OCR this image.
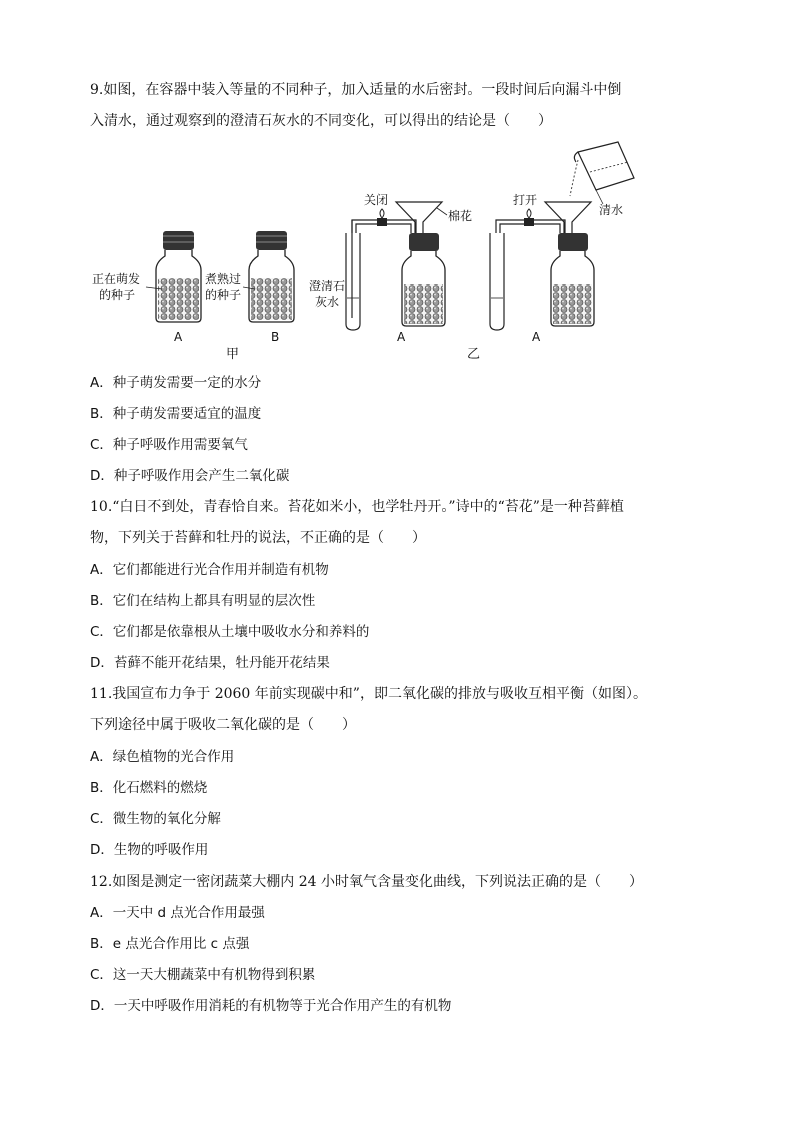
9.如图，在容器中装入等量的不同种子，加入适量的水后密封。一段时间后向漏斗中倒
入清水，通过观察到的澄清石灰水的不同变化，可以得出的结论是（　　）
正在萌发
的种子
煮熟过
的种子
A	B
甲
关闭
棉花
澄清石
灰水
A
打开
清水
A
乙
A．种子萌发需要一定的水分
B．种子萌发需要适宜的温度
C．种子呼吸作用需要氧气
D．种子呼吸作用会产生二氧化碳
10.“白日不到处，青春恰自来。苔花如米小，也学牡丹开。”诗中的“苔花”是一种苔藓植
物，下列关于苔藓和牡丹的说法，不正确的是（　　）
A．它们都能进行光合作用并制造有机物
B．它们在结构上都具有明显的层次性
C．它们都是依靠根从土壤中吸收水分和养料的
D．苔藓不能开花结果，牡丹能开花结果
11.我国宣布力争于 2060 年前实现碳中和”，即二氧化碳的排放与吸收互相平衡（如图）。
下列途径中属于吸收二氧化碳的是（　　）
A．绿色植物的光合作用
B．化石燃料的燃烧
C．微生物的氧化分解
D．生物的呼吸作用
12.如图是测定一密闭蔬菜大棚内 24 小时氧气含量变化曲线，下列说法正确的是（　　）
A．一天中 d 点光合作用最强
B．e 点光合作用比 c 点强
C．这一天大棚蔬菜中有机物得到积累
D．一天中呼吸作用消耗的有机物等于光合作用产生的有机物
